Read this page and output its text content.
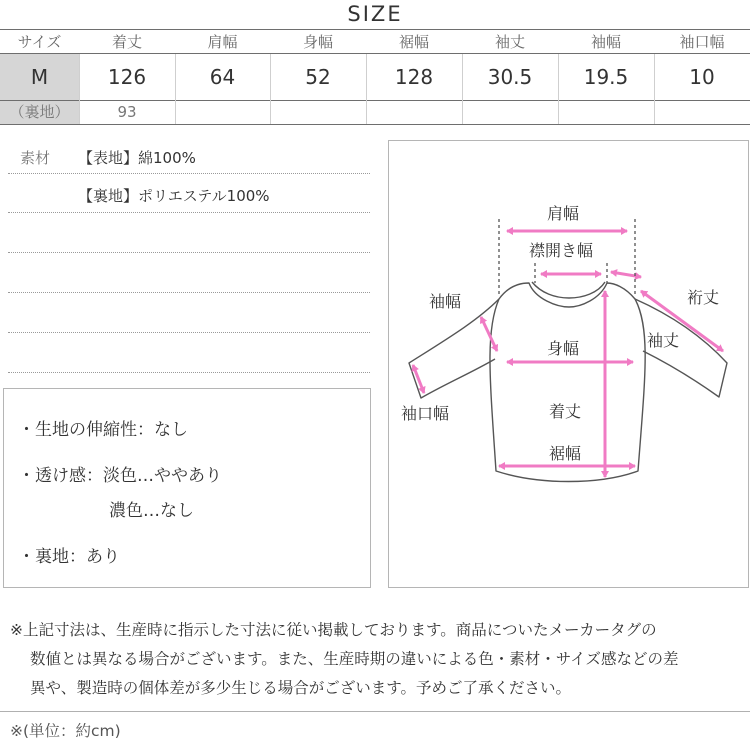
SIZE
サイズ	着丈	肩幅	身幅	裾幅	袖丈	袖幅	袖口幅
M	126	64	52	128	30.5	19.5	10
（裏地）	93
素材 【表地】綿100%
【裏地】ポリエステル100%
・生地の伸縮性：なし
・透け感：淡色…ややあり
濃色…なし
・裏地：あり
肩幅
襟開き幅
袖幅	裄丈
袖丈
身幅
袖口幅	着丈
裾幅
※上記寸法は、生産時に指示した寸法に従い掲載しております。商品についたメーカータグの
数値とは異なる場合がございます。また、生産時期の違いによる色・素材・サイズ感などの差
異や、製造時の個体差が多少生じる場合がございます。予めご了承ください。
※(単位：約cm)
